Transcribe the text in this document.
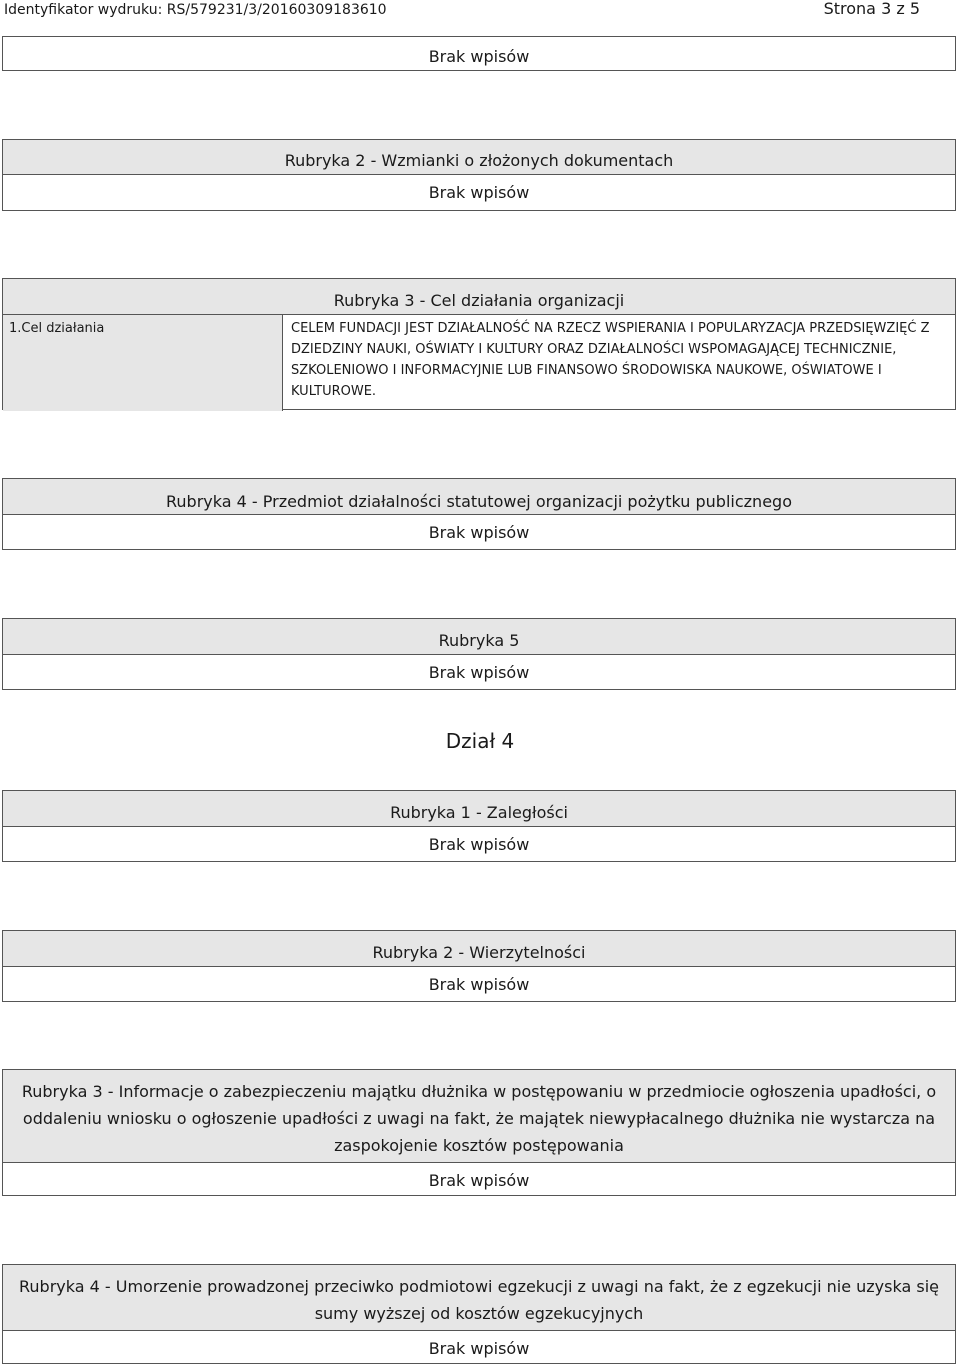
Identyfikator wydruku: RS/579231/3/20160309183610	Strona 3 z 5
Brak wpisów
Rubryka 2 - Wzmianki o złożonych dokumentach
Brak wpisów
Rubryka 3 - Cel działania organizacji
1.Cel działania	CELEM FUNDACJI JEST DZIAŁALNOŚĆ NA RZECZ WSPIERANIA I POPULARYZACJA PRZEDSIĘWZIĘĆ Z DZIEDZINY NAUKI, OŚWIATY I KULTURY ORAZ DZIAŁALNOŚCI WSPOMAGAJĄCEJ TECHNICZNIE, SZKOLENIOWO I INFORMACYJNIE LUB FINANSOWO ŚRODOWISKA NAUKOWE, OŚWIATOWE I KULTUROWE.
Rubryka 4 - Przedmiot działalności statutowej organizacji pożytku publicznego
Brak wpisów
Rubryka 5
Brak wpisów
Dział 4
Rubryka 1 - Zaległości
Brak wpisów
Rubryka 2 - Wierzytelności
Brak wpisów
Rubryka 3 - Informacje o zabezpieczeniu majątku dłużnika w postępowaniu w przedmiocie ogłoszenia upadłości, o oddaleniu wniosku o ogłoszenie upadłości z uwagi na fakt, że majątek niewypłacalnego dłużnika nie wystarcza na zaspokojenie kosztów postępowania
Brak wpisów
Rubryka 4 - Umorzenie prowadzonej przeciwko podmiotowi egzekucji z uwagi na fakt, że z egzekucji nie uzyska się sumy wyższej od kosztów egzekucyjnych
Brak wpisów
